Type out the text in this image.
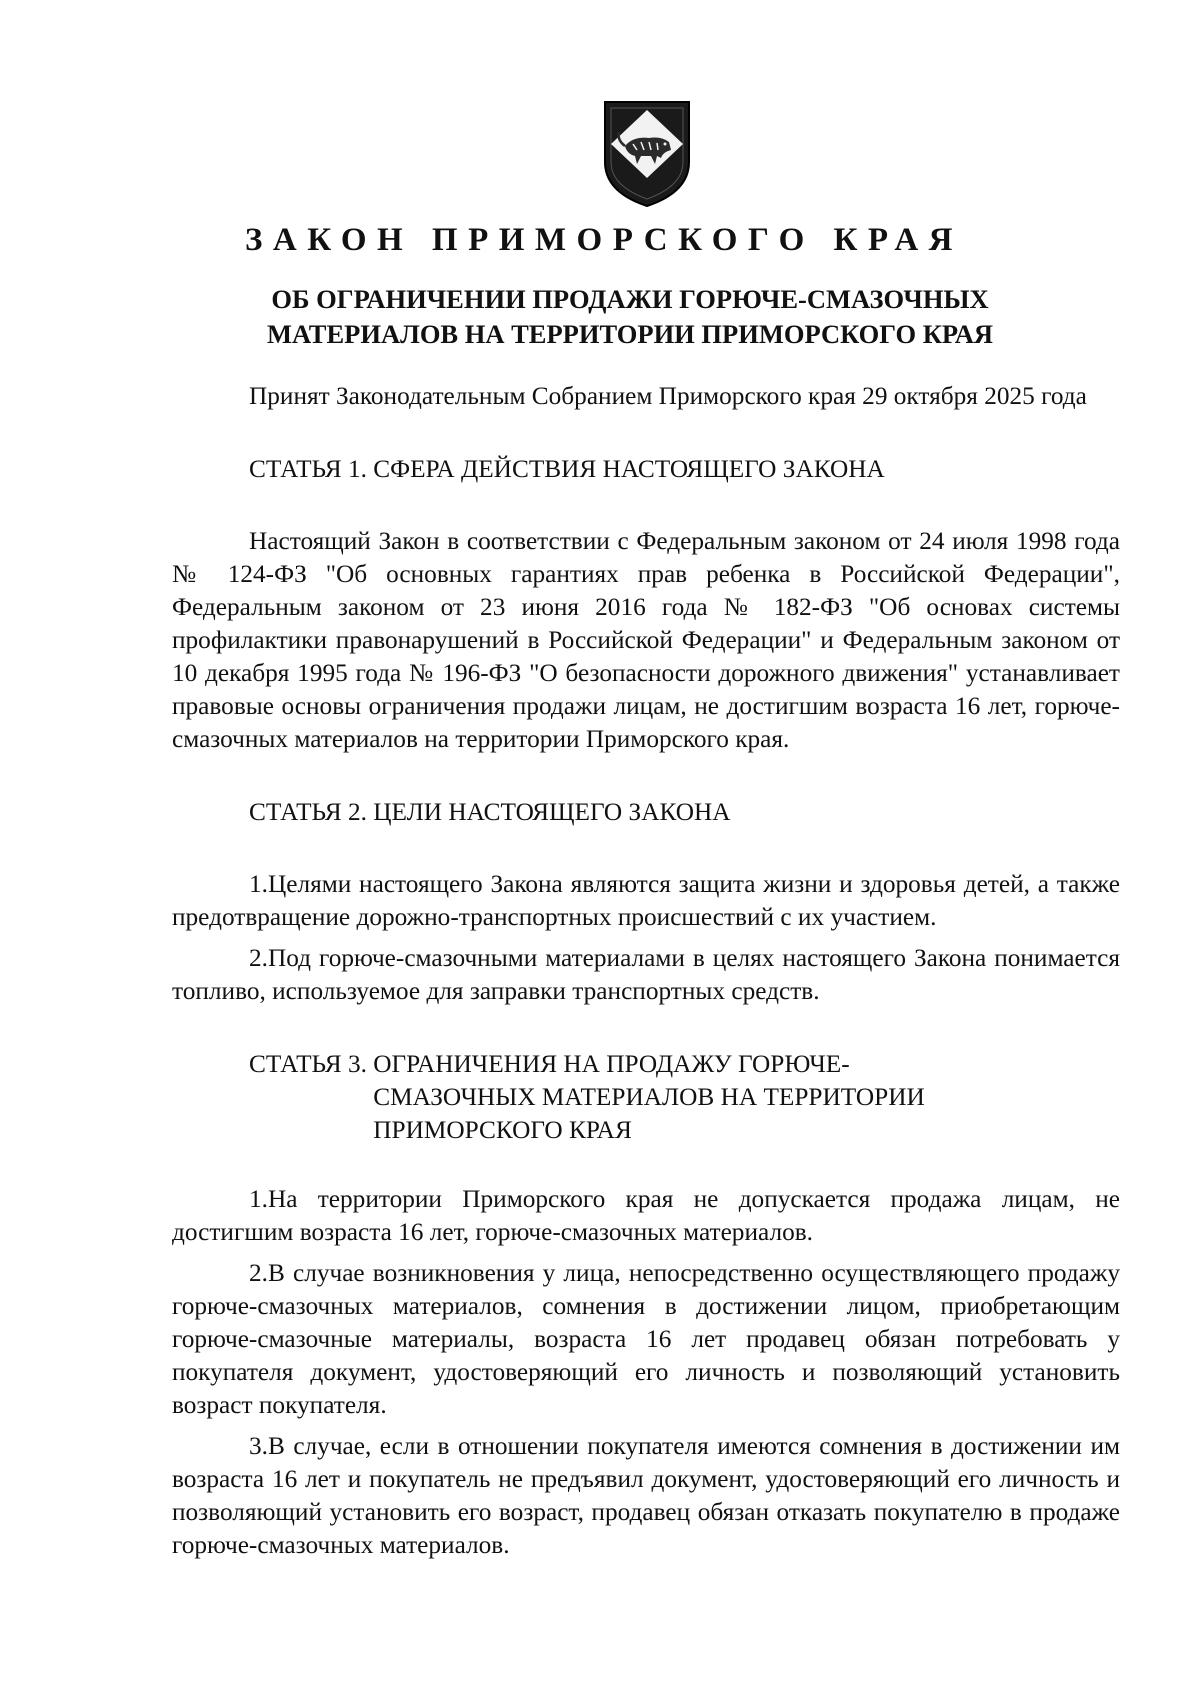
ЗАКОН ПРИМОРСКОГО КРАЯ
ОБ ОГРАНИЧЕНИИ ПРОДАЖИ ГОРЮЧЕ-СМАЗОЧНЫХ
МАТЕРИАЛОВ НА ТЕРРИТОРИИ ПРИМОРСКОГО КРАЯ

Принят Законодательным Собранием Приморского края 29 октября 2025 года

СТАТЬЯ 1. СФЕРА ДЕЙСТВИЯ НАСТОЯЩЕГО ЗАКОНА

Настоящий Закон в соответствии с Федеральным законом от 24 июля 1998 года № 124-ФЗ "Об основных гарантиях прав ребенка в Российской Федерации", Федеральным законом от 23 июня 2016 года № 182-ФЗ "Об основах системы профилактики правонарушений в Российской Федерации" и Федеральным законом от 10 декабря 1995 года № 196-ФЗ "О безопасности дорожного движения" устанавливает правовые основы ограничения продажи лицам, не достигшим возраста 16 лет, горюче-смазочных материалов на территории Приморского края.

СТАТЬЯ 2. ЦЕЛИ НАСТОЯЩЕГО ЗАКОНА

1.Целями настоящего Закона являются защита жизни и здоровья детей, а также предотвращение дорожно-транспортных происшествий с их участием.

2.Под горюче-смазочными материалами в целях настоящего Закона понимается топливо, используемое для заправки транспортных средств.

СТАТЬЯ 3. ОГРАНИЧЕНИЯ НА ПРОДАЖУ ГОРЮЧЕ-СМАЗОЧНЫХ МАТЕРИАЛОВ НА ТЕРРИТОРИИ ПРИМОРСКОГО КРАЯ

1.На территории Приморского края не допускается продажа лицам, не достигшим возраста 16 лет, горюче-смазочных материалов.

2.В случае возникновения у лица, непосредственно осуществляющего продажу горюче-смазочных материалов, сомнения в достижении лицом, приобретающим горюче-смазочные материалы, возраста 16 лет продавец обязан потребовать у покупателя документ, удостоверяющий его личность и позволяющий установить возраст покупателя.

3.В случае, если в отношении покупателя имеются сомнения в достижении им возраста 16 лет и покупатель не предъявил документ, удостоверяющий его личность и позволяющий установить его возраст, продавец обязан отказать покупателю в продаже горюче-смазочных материалов.
